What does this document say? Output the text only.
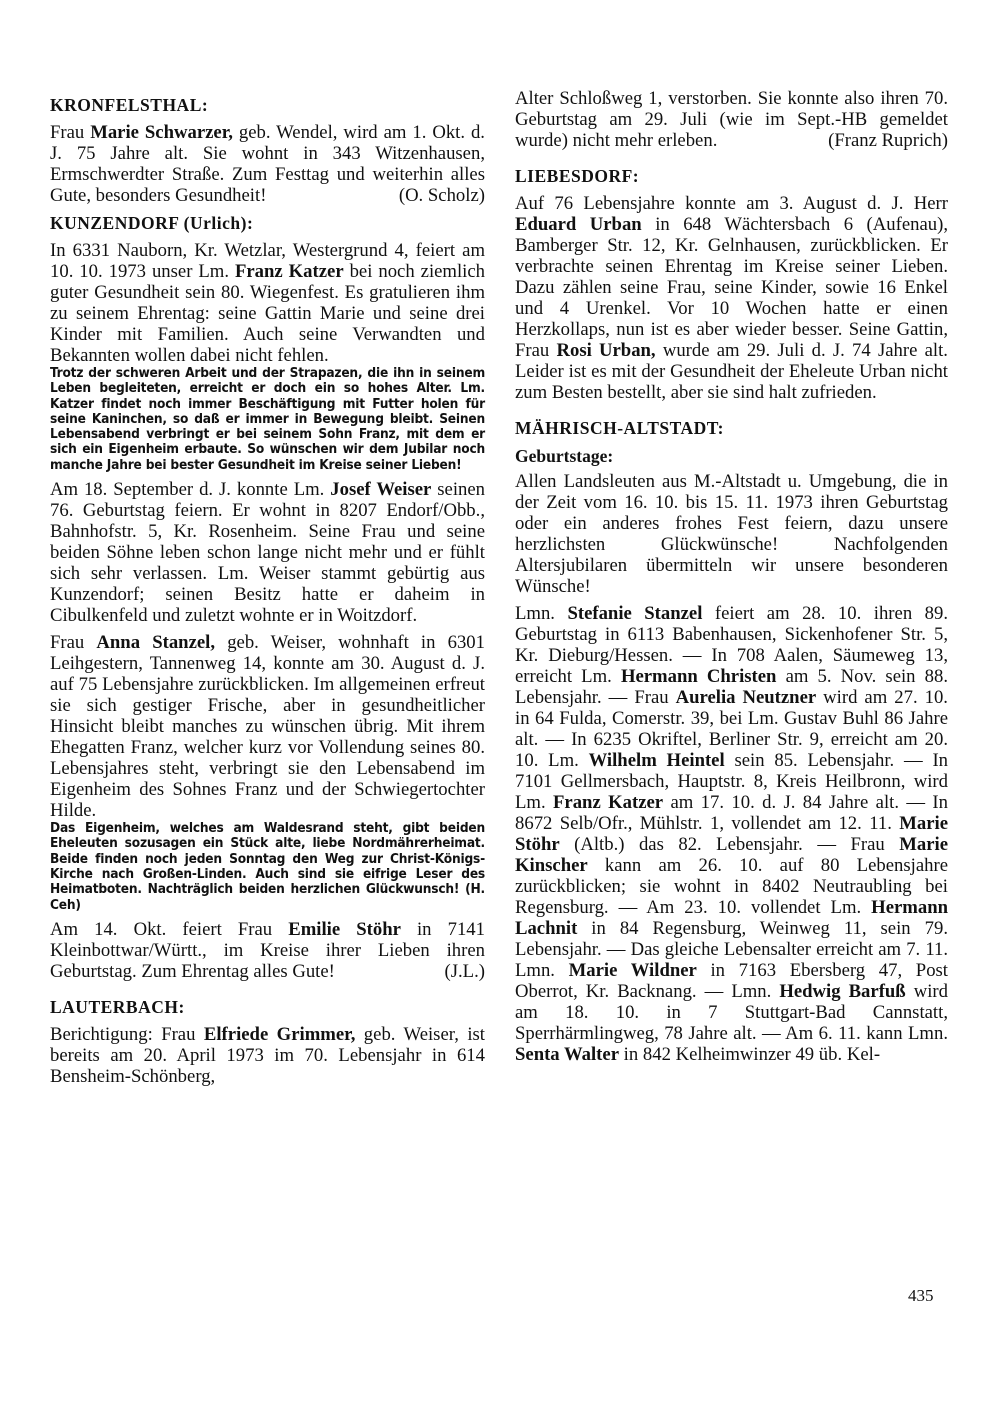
KRONFELSTHAL:

Frau Marie Schwarzer, geb. Wendel, wird am 1. Okt. d. J. 75 Jahre alt. Sie wohnt in 343 Witzenhausen, Ermschwerdter Straße. Zum Festtag und weiterhin alles Gute, besonders Gesundheit!	(O. Scholz)

KUNZENDORF (Urlich):

In 6331 Nauborn, Kr. Wetzlar, Westergrund 4, feiert am 10. 10. 1973 unser Lm. Franz Katzer bei noch ziemlich guter Gesundheit sein 80. Wiegenfest. Es gratulieren ihm zu seinem Ehrentag: seine Gattin Marie und seine drei Kinder mit Familien. Auch seine Verwandten und Bekannten wollen dabei nicht fehlen.

Trotz der schweren Arbeit und der Strapazen, die ihn in seinem Leben begleiteten, erreicht er doch ein so hohes Alter. Lm. Katzer findet noch immer Beschäftigung mit Futter holen für seine Kaninchen, so daß er immer in Bewegung bleibt. Seinen Lebensabend verbringt er bei seinem Sohn Franz, mit dem er sich ein Eigenheim erbaute. So wünschen wir dem Jubilar noch manche Jahre bei bester Gesundheit im Kreise seiner Lieben!

Am 18. September d. J. konnte Lm. Josef Weiser seinen 76. Geburtstag feiern. Er wohnt in 8207 Endorf/Obb., Bahnhofstr. 5, Kr. Rosenheim. Seine Frau und seine beiden Söhne leben schon lange nicht mehr und er fühlt sich sehr verlassen. Lm. Weiser stammt gebürtig aus Kunzendorf; seinen Besitz hatte er daheim in Cibulkenfeld und zuletzt wohnte er in Woitzdorf.

Frau Anna Stanzel, geb. Weiser, wohnhaft in 6301 Leihgestern, Tannenweg 14, konnte am 30. August d. J. auf 75 Lebensjahre zurückblicken. Im allgemeinen erfreut sie sich gestiger Frische, aber in gesundheitlicher Hinsicht bleibt manches zu wünschen übrig. Mit ihrem Ehegatten Franz, welcher kurz vor Vollendung seines 80. Lebensjahres steht, verbringt sie den Lebensabend im Eigenheim des Sohnes Franz und der Schwiegertochter Hilde.

Das Eigenheim, welches am Waldesrand steht, gibt beiden Eheleuten sozusagen ein Stück alte, liebe Nordmährerheimat. Beide finden noch jeden Sonntag den Weg zur Christ-Königs-Kirche nach Großen-Linden. Auch sind sie eifrige Leser des Heimatboten. Nachträglich beiden herzlichen Glückwunsch! (H. Ceh)

Am 14. Okt. feiert Frau Emilie Stöhr in 7141 Kleinbottwar/Württ., im Kreise ihrer Lieben ihren Geburtstag. Zum Ehrentag alles Gute!	(J.L.)

LAUTERBACH:

Berichtigung: Frau Elfriede Grimmer, geb. Weiser, ist bereits am 20. April 1973 im 70. Lebensjahr in 614 Bensheim-Schönberg,

Alter Schloßweg 1, verstorben. Sie konnte also ihren 70. Geburtstag am 29. Juli (wie im Sept.-HB gemeldet wurde) nicht mehr erleben.	(Franz Ruprich)

LIEBESDORF:

Auf 76 Lebensjahre konnte am 3. August d. J. Herr Eduard Urban in 648 Wächtersbach 6 (Aufenau), Bamberger Str. 12, Kr. Gelnhausen, zurückblicken. Er verbrachte seinen Ehrentag im Kreise seiner Lieben. Dazu zählen seine Frau, seine Kinder, sowie 16 Enkel und 4 Urenkel. Vor 10 Wochen hatte er einen Herzkollaps, nun ist es aber wieder besser. Seine Gattin, Frau Rosi Urban, wurde am 29. Juli d. J. 74 Jahre alt. Leider ist es mit der Gesundheit der Eheleute Urban nicht zum Besten bestellt, aber sie sind halt zufrieden.

MÄHRISCH-ALTSTADT:
Geburtstage:

Allen Landsleuten aus M.-Altstadt u. Umgebung, die in der Zeit vom 16. 10. bis 15. 11. 1973 ihren Geburtstag oder ein anderes frohes Fest feiern, dazu unsere herzlichsten Glückwünsche! Nachfolgenden Altersjubilaren übermitteln wir unsere besonderen Wünsche!

Lmn. Stefanie Stanzel feiert am 28. 10. ihren 89. Geburtstag in 6113 Babenhausen, Sickenhofener Str. 5, Kr. Dieburg/Hessen. — In 708 Aalen, Säumeweg 13, erreicht Lm. Hermann Christen am 5. Nov. sein 88. Lebensjahr. — Frau Aurelia Neutzner wird am 27. 10. in 64 Fulda, Comerstr. 39, bei Lm. Gustav Buhl 86 Jahre alt. — In 6235 Okriftel, Berliner Str. 9, erreicht am 20. 10. Lm. Wilhelm Heintel sein 85. Lebensjahr. — In 7101 Gellmersbach, Hauptstr. 8, Kreis Heilbronn, wird Lm. Franz Katzer am 17. 10. d. J. 84 Jahre alt. — In 8672 Selb/Ofr., Mühlstr. 1, vollendet am 12. 11. Marie Stöhr (Altb.) das 82. Lebensjahr. — Frau Marie Kinscher kann am 26. 10. auf 80 Lebensjahre zurückblicken; sie wohnt in 8402 Neutraubling bei Regensburg. — Am 23. 10. vollendet Lm. Hermann Lachnit in 84 Regensburg, Weinweg 11, sein 79. Lebensjahr. — Das gleiche Lebensalter erreicht am 7. 11. Lmn. Marie Wildner in 7163 Ebersberg 47, Post Oberrot, Kr. Backnang. — Lmn. Hedwig Barfuß wird am 18. 10. in 7 Stuttgart-Bad Cannstatt, Sperrhärmlingweg, 78 Jahre alt. — Am 6. 11. kann Lmn. Senta Walter in 842 Kelheimwinzer 49 üb. Kel-

435
